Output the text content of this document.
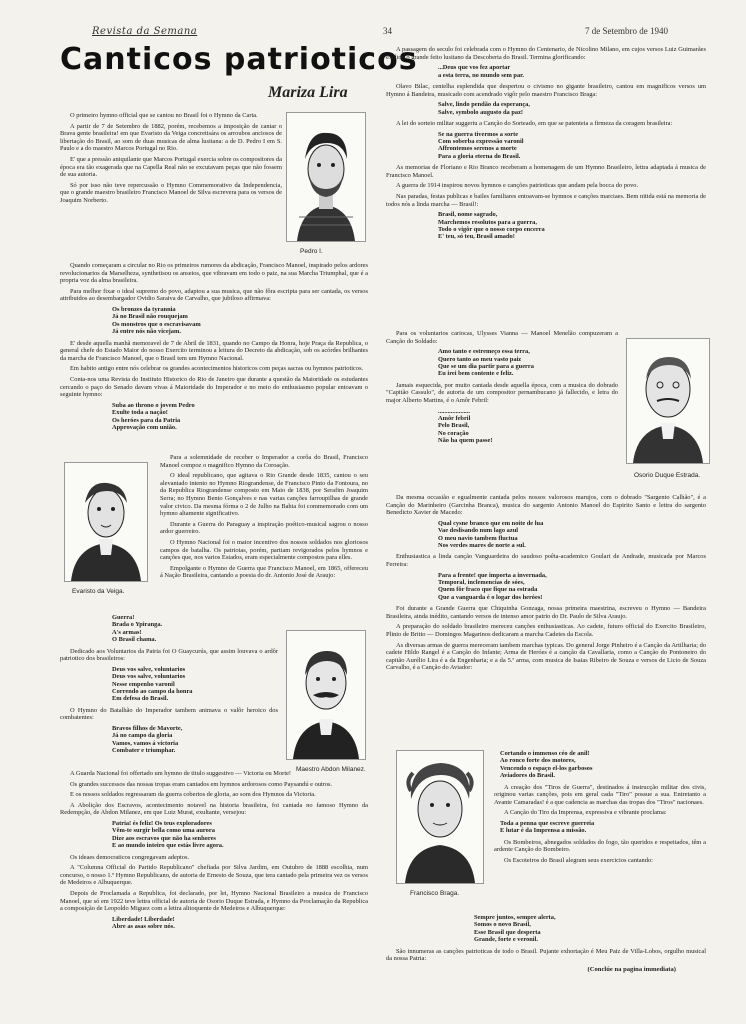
Revista da Semana	34	7 de Setembro de 1940
Canticos patrioticos
Mariza Lira
Pedro I.
Evaristo da Veiga.
Maestro Abdon Milanez.
Osorio Duque Estrada.
Francisco Braga.

O primeiro hymno official que se cantou no Brasil foi o Hymno da Carta.

A partir de 7 de Setembro de 1882, porém, recebemos a imposição de cantar o Brava gente brasileira! em que Evaristo da Veiga concretisára os arroubos anciosos de libertação do Brasil, ao som de duas musicas de alma lusitana: a de D. Pedro I em S. Paulo e a do maestro Marcos Portugal no Rio.

E' que a pressão aniquilante que Marcos Portugal exercia sobre os compositores da época era tão exagerada que na Capella Real não se excutavam peças que não fossem de sua autoria.

Só por isso não teve repercussão o Hymno Commemorativo da Independencia, que o grande maestro brasileiro Francisco Manoel de Silva escrevera para os versos de Joaquim Norberto.

Quando começaram a circular no Rio os primeiros rumores da abdicação, Francisco Manoel, inspirado pelos ardores revolucionarios da Marselheza, synthetisou os anseios, que vibravam em todo o paiz, na sua Marcha Triumphal, que é a propria voz da alma brasileira.

Para melhor fixar o ideal supremo do povo, adaptou a sua musica, que não fôra escripta para ser cantada, os versos attribuidos ao desembargador Ovidio Saraiva de Carvalho, que jubiloso affirmava:

Os bronzes da tyrannia
Já no Brasil não rouquejam
Os monstros que o escravisavam
Já entre nós não vicejam.

E' desde aquella manhã memoravel de 7 de Abril de 1831, quando no Campo da Honra, hoje Praça da Republica, o general chefe do Estado Maior do nosso Exercito terminou a leitura do Decreto da abdicação, sob os acórdes brilhantes da marcha de Francisco Manoel, que o Brasil tem um Hymno Nacional.

Em habito antigo entre nós celebrar os grandes acontecimentos historicos com peças sacras ou hymnos patrioticos.

Conta-nos uma Revista do Instituto Historico do Rio de Janeiro que durante a questão da Maioridade os estudantes cercando o paço do Senado davam vivas á Maioridade do Imperador e no meio do enthusiasmo popular entoavam o seguinte hymno:

Suba ao throno o jovem Pedro
Exulte toda a nação!
Os heróes para da Patria
Approvação com união.

Para a solemnidade de receber o Imperador a corôa do Brasil, Francisco Manoel compoz o magnifico Hymno da Coroação.

O ideal republicano, que agitava o Rio Grande desde 1835, cantou o seu alevantado intento no Hymno Riograndense, de Francisco Pinto da Fontoura, no da Republica Riograndense composto em Maio de 1838, por Serafim Joaquim Serra; no Hymno Bento Gonçalves e nas varias canções farroupilhas de grande valor civico. Da mesma fórma o 2 de Julho na Bahia foi commemorado com um hymno altamente significativo.

Durante a Guerra do Paraguay a inspiração poético-musical sagrou o nosso ardor guerreiro.

O Hymno Nacional foi o maior incentivo dos nossos soldados nos gloriosos campos de batalha. Os patriotas, porém, partiam revigorados pelos hymnos e canções que, nos varios Estados, eram especialmente compostos para elles.

Empolgante o Hymno de Guerra que Francisco Manoel, em 1865, offereceu á Nação Brasileira, cantando a poesia do dr. Antonio José de Araujo:

Guerra!
Brada o Ypiranga.
A's armas!
O Brasil chama.

Dedicado aos Voluntarios da Patria foi O Guaycurús, que assim louvava o ardôr patriotico dos brasileiros:

Deus vos salve, voluntarios
Deus vos salve, voluntarios
Nesse empenho varonil
Correndo ao campo da honra
Em defesa do Brasil.

O Hymno do Batalhão do Imperador tambem animava o valôr heroico dos combatentes:

Bravos filhos de Mavorte,
Já no campo da gloria
Vamos, vamos á victoria
Combater e triumphar.

A Guarda Nacional foi offertado um hymno de titulo suggestivo — Victoria ou Morte!

Os grandes successos das nossas tropas eram cantados em hymnos ardorosos como Paysandú e outros.

E os nossos soldados regressaram da guerra cobertos de gloria, ao som dos Hymnos da Victoria.

A Abolição dos Escravos, acontecimento notavel na historia brasileira, foi cantada no famoso Hymno da Redempção, de Abdon Milanez, em que Luiz Murat, exultante, versejou:

Patria! és feliz! Os teus exploradores
Vêm-te surgir bella como uma aurora
Dize aos escravos que não ha senhores
E ao mundo inteiro que estás livre agora.

Os ideaes democraticos congregavam adeptos.

A "Columna Official do Partido Republicano" chefiada por Silva Jardim, em Outubro de 1888 escolhia, num concurso, o nosso 1.º Hymno Republicano, de autoria de Ernesto de Souza, que tera cantado pela primeira vez os versos de Medeiros e Albuquerque.

Depois de Proclamada a Republica, foi declarado, por lei, Hymno Nacional Brasileiro a musica de Francisco Manoel, que só em 1922 teve lettra official de autoria de Osorio Duque Estrada, e Hymno da Proclamação da Republica a composição de Leopoldo Miguez com a lettra alitoquente de Medeiros e Albuquerque:

Liberdade! Liberdade!
Abre as asas sobre nós.

A passagem do seculo foi celebrada com o Hymno do Centenario, de Nicolino Milano, em cujos versos Luiz Guimarães exaltou o grande feito lusitano da Descoberta do Brasil. Termina glorificando:

...Deus que vos fez aportar
a esta terra, no mundo sem par.

Olavo Bilac, centelha esplendida que despertou o civismo no gigante brasileiro, cantou em magnificos versos um Hymno á Bandeira, musicado com acendrado vigôr pelo maestro Francisco Braga:

Salve, lindo pendão da esperança,
Salve, symbolo augusto da paz!

A lei do sorteio militar suggeriu a Canção do Sorteado, em que se patenteia a firmeza da coragem brasileira:

Se na guerra tivermos a sorte
Com soberba expressão varonil
Affrontemos serenos a morte
Para a gloria eterna do Brasil.

As memorias de Floriano e Rio Branco receberam a homenagem de um Hymno Brasileiro, lettra adaptada á musica de Francisco Manoel.

A guerra de 1914 inspirou novos hymnos e canções patrioticas que andam pela bocca do povo.

Nas paradas, festas publicas e bailes familiares entoavam-se hymnos e canções marciaes. Bem nitida está na memoria de todos nós a linda marcha — Brasil!:

Brasil, nome sagrado,
Marchemos resolutos para a guerra,
Todo o vigôr que o nosso corpo encerra
E' teu, só teu, Brasil amado!

Para os voluntarios cariocas, Ulysses Vianna — Manoel Menelão compuzeram a Canção do Soldado:

Amo tanto e estremeço essa terra,
Quero tanto ao meu vasto paiz
Que se um dia partir para a guerra
Eu irei bem contente e feliz.

Jamais esquecida, por muito cantada desde aquella época, com a musica do dobrado "Capitão Cassulo", de autoria de um compositor pernambucano já fallecido, e letra do major Alberto Martins, é o Amôr Febril:

....................
Amôr febril
Pelo Brasil,
No coração
Não ha quem passe!

Da mesma occasião e egualmente cantada pelos nossos valorosos marujos, com o dobrado "Sargento Calhão", é a Canção do Marinheiro (Garcinha Branca), musica do sargento Antonio Manoel do Espirito Santo e lettra do sargento Benedicto Xavier de Macedo:

Qual cysne branco que em noite de lua
Vae deslisando num lago azul
O meu navio tambem fluctua
Nos verdes mares de norte a sul.

Enthusiastica a linda canção Vanguardeira do saudoso poêta-academico Goulart de Andrade, musicada por Marcos Ferreira:

Para a frente! que importa a invernada,
Temporal, inclemencias de sóes,
Quem fôr fraco que fique na estrada
Que a vanguarda é o logar dos heróes!

Foi durante a Grande Guerra que Chiquinha Gonzaga, nossa primeira maestrina, escreveu o Hymno — Bandeira Brasileira, ainda inédito, cantando versos de intenso amor patrio do Dr. Paulo de Silva Araujo.

A preparação do soldado brasileiro mereceu canções enthusiasticas. Ao cadete, futuro official do Exercito Brasileiro, Plinio de Britto — Domingos Magarinos dedicaram a marcha Cadetes da Escola.

As diversas armas de guerra mereceram tambem marchas typicas. Do general Jorge Pinheiro é a Canção da Artilharia; do cadete Hildo Rangel é a Canção do Infante; Arma de Heróes é a canção da Cavallaria, como a Canção do Pontoneiro do capitão Aurélio Lira é a da Engenharia; e a da 5.ª arma, com musica de Isaias Ribeiro de Souza e versos de Licio de Souza Carvalho, é a Canção do Aviador:

Cortando o immenso céo de anil!
Ao ronco forte dos motores,
Vencendo o espaço el-los garbosos
Aviadores do Brasil.

A creação dos "Tiros de Guerra", destinados á instrucção militar dos civis, originou varias canções, pois em geral cada "Tiro" possue a sua. Entretanto a Avante Camaradas! é a que cadencia as marchas das tropas dos "Tiros" nacionaes.

A Canção do Tiro da Imprensa, expressiva e vibrante proclama:

Toda a penna que escreve guerreia
E lutar é da Imprensa a missão.

Os Bombeiros, abnegados soldados do fogo, tão queridos e respeitados, têm a ardente Canção do Bombeiro.

Os Escoteiros do Brasil alegram seus exercicios cantando:

Sempre juntos, sempre alerta,
Somos o novo Brasil,
Esse Brasil que desperta
Grande, forte e veronil.

São innumeras as canções patrioticas de todo o Brasil. Pujante exhortação é Meu Paiz de Villa-Lobos, orgulho musical da nossa Patria:

(Conclúe na pagina immediata)
